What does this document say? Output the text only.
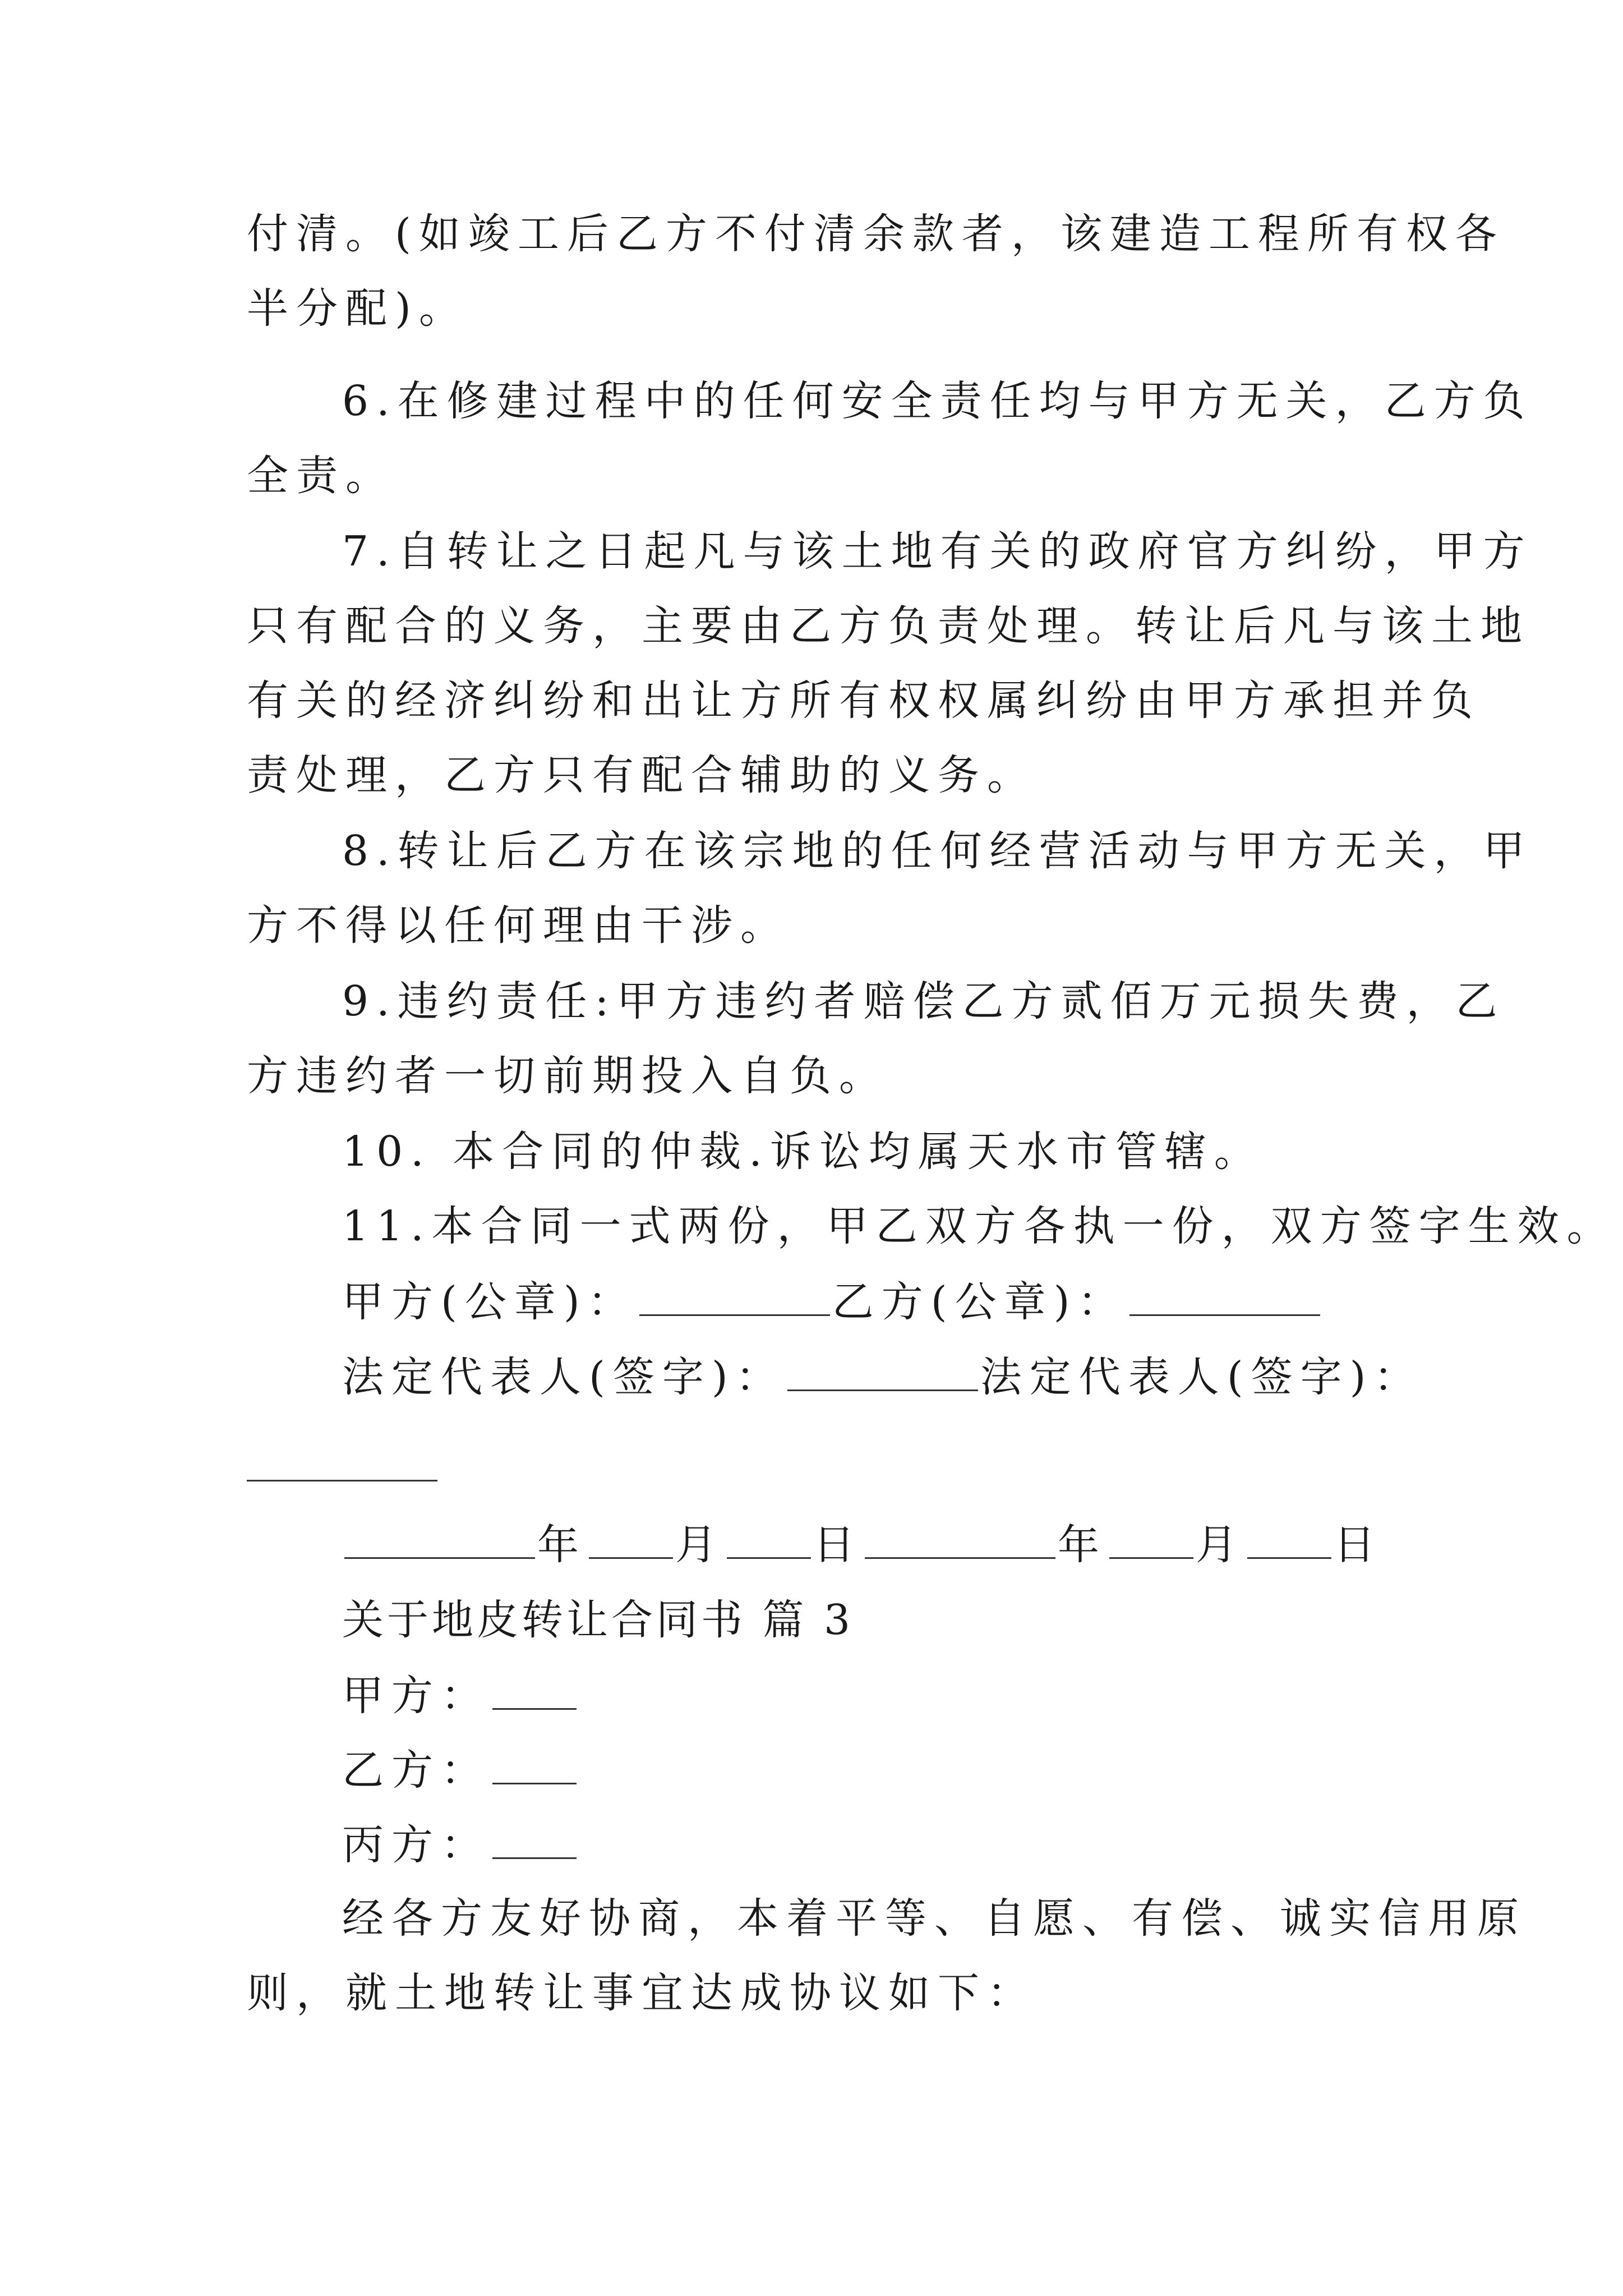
付清。(如竣工后乙方不付清余款者，该建造工程所有权各
半分配)。
6.在修建过程中的任何安全责任均与甲方无关，乙方负
全责。
7.自转让之日起凡与该土地有关的政府官方纠纷，甲方
只有配合的义务，主要由乙方负责处理。转让后凡与该土地
有关的经济纠纷和出让方所有权权属纠纷由甲方承担并负
责处理，乙方只有配合辅助的义务。
8.转让后乙方在该宗地的任何经营活动与甲方无关，甲
方不得以任何理由干涉。
9.违约责任:甲方违约者赔偿乙方贰佰万元损失费，乙
方违约者一切前期投入自负。
10. 本合同的仲裁.诉讼均属天水市管辖。
11.本合同一式两份，甲乙双方各执一份，双方签字生效。
甲方(公章)：	乙方(公章)：
法定代表人(签字)：	法定代表人(签字)：
年 月 日	年 月 日
关于地皮转让合同书 篇 3
甲方：
乙方：
丙方：
经各方友好协商，本着平等、自愿、有偿、诚实信用原
则，就土地转让事宜达成协议如下：
